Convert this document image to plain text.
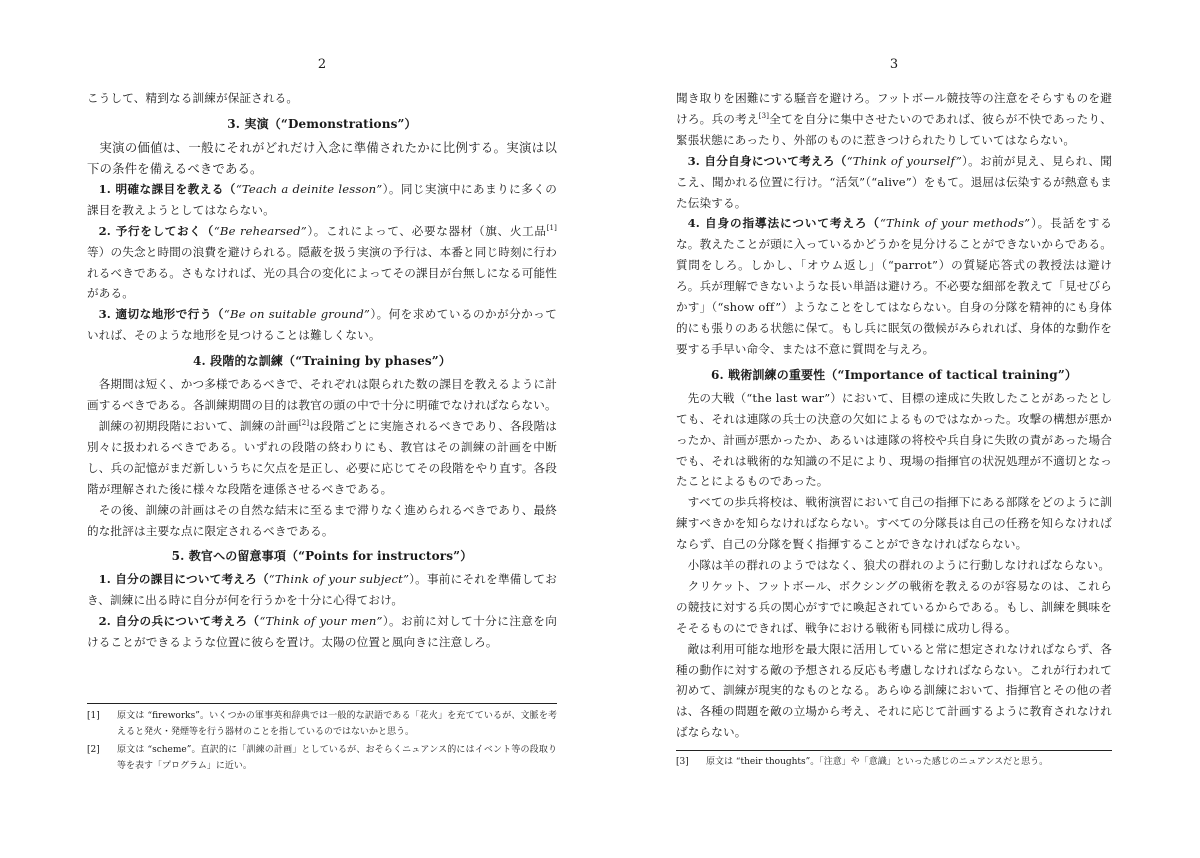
2

こうして、精到なる訓練が保証される。

3. 実演（“Demonstrations”）

実演の価値は、一般にそれがどれだけ入念に準備されたかに比例する。実演は以下の条件を備えるべきである。

1. 明確な課目を教える（“Teach a deinite lesson”）。同じ実演中にあまりに多くの課目を教えようとしてはならない。

2. 予行をしておく（“Be rehearsed”）。これによって、必要な器材（旗、火工品[1]等）の失念と時間の浪費を避けられる。隠蔽を扱う実演の予行は、本番と同じ時刻に行われるべきである。さもなければ、光の具合の変化によってその課目が台無しになる可能性がある。

3. 適切な地形で行う（“Be on suitable ground”）。何を求めているのかが分かっていれば、そのような地形を見つけることは難しくない。

4. 段階的な訓練（“Training by phases”）

各期間は短く、かつ多様であるべきで、それぞれは限られた数の課目を教えるように計画するべきである。各訓練期間の目的は教官の頭の中で十分に明確でなければならない。

訓練の初期段階において、訓練の計画[2]は段階ごとに実施されるべきであり、各段階は別々に扱われるべきである。いずれの段階の終わりにも、教官はその訓練の計画を中断し、兵の記憶がまだ新しいうちに欠点を是正し、必要に応じてその段階をやり直す。各段階が理解された後に様々な段階を連係させるべきである。

その後、訓練の計画はその自然な結末に至るまで滞りなく進められるべきであり、最終的な批評は主要な点に限定されるべきである。

5. 教官への留意事項（“Points for instructors”）

1. 自分の課目について考えろ（“Think of your subject”）。事前にそれを準備しておき、訓練に出る時に自分が何を行うかを十分に心得ておけ。

2. 自分の兵について考えろ（“Think of your men”）。お前に対して十分に注意を向けることができるような位置に彼らを置け。太陽の位置と風向きに注意しろ。

[1]	原文は “fireworks”。いくつかの軍事英和辞典では一般的な訳語である「花火」を充てているが、文脈を考えると発火・発煙等を行う器材のことを指しているのではないかと思う。
[2]	原文は “scheme”。直訳的に「訓練の計画」としているが、おそらくニュアンス的にはイベント等の段取り等を表す「プログラム」に近い。
3

聞き取りを困難にする騒音を避けろ。フットボール競技等の注意をそらすものを避けろ。兵の考え[3]全てを自分に集中させたいのであれば、彼らが不快であったり、緊張状態にあったり、外部のものに惹きつけられたりしていてはならない。

3. 自分自身について考えろ（“Think of yourself”）。お前が見え、見られ、聞こえ、聞かれる位置に行け。“活気”（“alive”）をもて。退屈は伝染するが熱意もまた伝染する。

4. 自身の指導法について考えろ（“Think of your methods”）。長話をするな。教えたことが頭に入っているかどうかを見分けることができないからである。質問をしろ。しかし、「オウム返し」（“parrot”）の質疑応答式の教授法は避けろ。兵が理解できないような長い単語は避けろ。不必要な細部を教えて「見せびらかす」（“show off”）ようなことをしてはならない。自身の分隊を精神的にも身体的にも張りのある状態に保て。もし兵に眠気の徴候がみられれば、身体的な動作を要する手早い命令、または不意に質問を与えろ。

6. 戦術訓練の重要性（“Importance of tactical training”）

先の大戦（“the last war”）において、目標の達成に失敗したことがあったとしても、それは連隊の兵士の決意の欠如によるものではなかった。攻撃の構想が悪かったか、計画が悪かったか、あるいは連隊の将校や兵自身に失敗の責があった場合でも、それは戦術的な知識の不足により、現場の指揮官の状況処理が不適切となったことによるものであった。

すべての歩兵将校は、戦術演習において自己の指揮下にある部隊をどのように訓練すべきかを知らなければならない。すべての分隊長は自己の任務を知らなければならず、自己の分隊を賢く指揮することができなければならない。

小隊は羊の群れのようではなく、狼犬の群れのように行動しなければならない。

クリケット、フットボール、ボクシングの戦術を教えるのが容易なのは、これらの競技に対する兵の関心がすでに喚起されているからである。もし、訓練を興味をそそるものにできれば、戦争における戦術も同様に成功し得る。

敵は利用可能な地形を最大限に活用していると常に想定されなければならず、各種の動作に対する敵の予想される反応も考慮しなければならない。これが行われて初めて、訓練が現実的なものとなる。あらゆる訓練において、指揮官とその他の者は、各種の問題を敵の立場から考え、それに応じて計画するように教育されなければならない。

[3]	原文は “their thoughts”。「注意」や「意識」といった感じのニュアンスだと思う。
